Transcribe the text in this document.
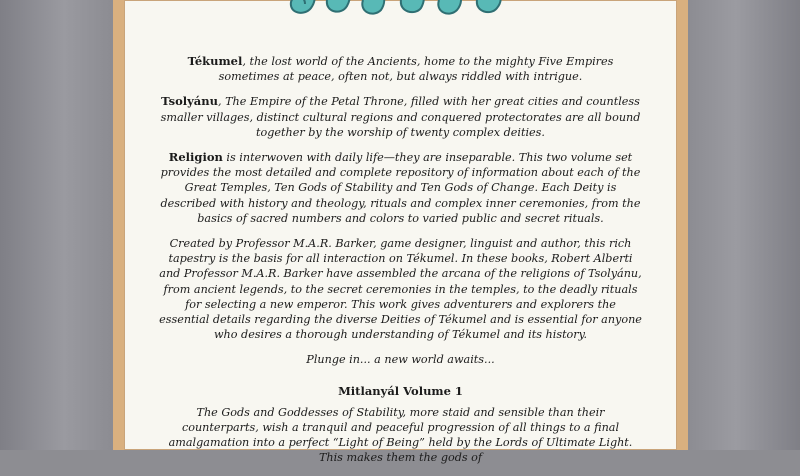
Tékumel, the lost world of the Ancients, home to the mighty Five Empires sometimes at peace, often not, but always riddled with intrigue.

Tsolyánu, The Empire of the Petal Throne, filled with her great cities and countless smaller villages, distinct cultural regions and conquered protectorates are all bound together by the worship of twenty complex deities.

Religion is interwoven with daily life—they are inseparable. This two volume set provides the most detailed and complete repository of information about each of the Great Temples, Ten Gods of Stability and Ten Gods of Change. Each Deity is described with history and theology, rituals and complex inner ceremonies, from the basics of sacred numbers and colors to varied public and secret rituals.

Created by Professor M.A.R. Barker, game designer, linguist and author, this rich tapestry is the basis for all interaction on Tékumel. In these books, Robert Alberti and Professor M.A.R. Barker have assembled the arcana of the religions of Tsolyánu, from ancient legends, to the secret ceremonies in the temples, to the deadly rituals for selecting a new emperor. This work gives adventurers and explorers the essential details regarding the diverse Deities of Tékumel and is essential for anyone who desires a thorough understanding of Tékumel and its history.

Plunge in... a new world awaits...

Mitlanyál Volume 1

The Gods and Goddesses of Stability, more staid and sensible than their counterparts, wish a tranquil and peaceful progression of all things to a final amalgamation into a perfect “Light of Being” held by the Lords of Ultimate Light. This makes them the gods of
